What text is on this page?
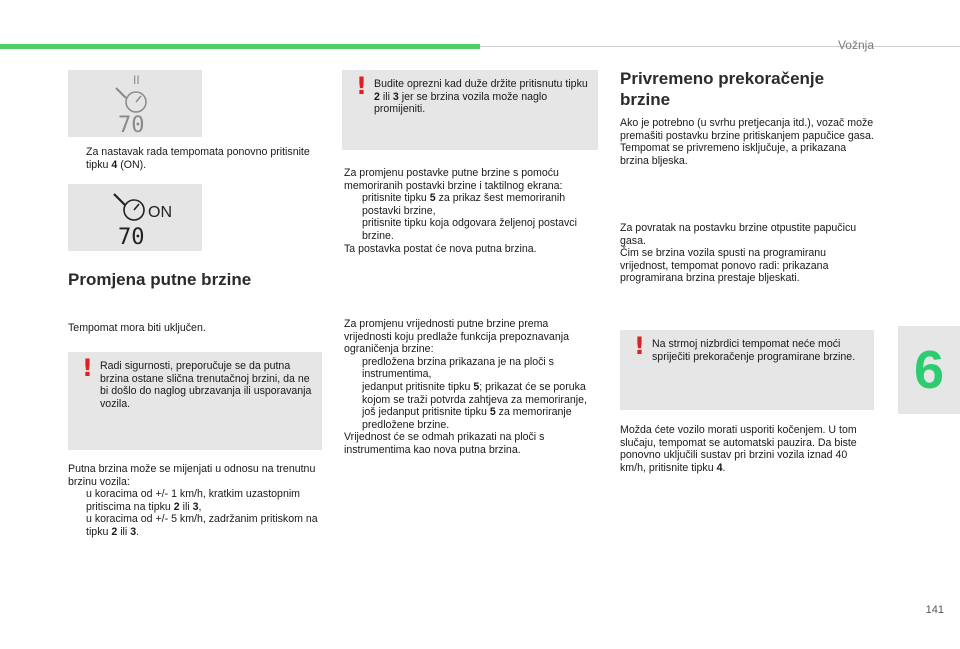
Vožnja
6
141
II
70

Za nastavak rada tempomata ponovno pritisnite tipku 4 (ON).

ON
70
Promjena putne brzine

Tempomat mora biti uključen.

! Radi sigurnosti, preporučuje se da putna brzina ostane slična trenutačnoj brzini, da ne bi došlo do naglog ubrzavanja ili usporavanja vozila.

Putna brzina može se mijenjati u odnosu na trenutnu brzinu vozila:

u koracima od +/- 1 km/h, kratkim uzastopnim pritiscima na tipku 2 ili 3,

u koracima od +/- 5 km/h, zadržanim pritiskom na tipku 2 ili 3.

! Budite oprezni kad duže držite pritisnutu tipku 2 ili 3 jer se brzina vozila može naglo promijeniti.

Za promjenu postavke putne brzine s pomoću memoriranih postavki brzine i taktilnog ekrana:

pritisnite tipku 5 za prikaz šest memoriranih postavki brzine,

pritisnite tipku koja odgovara željenoj postavci brzine.

Ta postavka postat će nova putna brzina.

Za promjenu vrijednosti putne brzine prema vrijednosti koju predlaže funkcija prepoznavanja ograničenja brzine:

predložena brzina prikazana je na ploči s instrumentima,

jedanput pritisnite tipku 5; prikazat će se poruka kojom se traži potvrda zahtjeva za memoriranje,

još jedanput pritisnite tipku 5 za memoriranje predložene brzine.

Vrijednost će se odmah prikazati na ploči s instrumentima kao nova putna brzina.

Privremeno prekoračenje brzine

Ako je potrebno (u svrhu pretjecanja itd.), vozač može premašiti postavku brzine pritiskanjem papučice gasa.

Tempomat se privremeno isključuje, a prikazana brzina bljeska.

Za povratak na postavku brzine otpustite papučicu gasa.

Čim se brzina vozila spusti na programiranu vrijednost, tempomat ponovo radi: prikazana programirana brzina prestaje bljeskati.

! Na strmoj nizbrdici tempomat neće moći spriječiti prekoračenje programirane brzine.

Možda ćete vozilo morati usporiti kočenjem. U tom slučaju, tempomat se automatski pauzira. Da biste ponovno uključili sustav pri brzini vozila iznad 40 km/h, pritisnite tipku 4.
